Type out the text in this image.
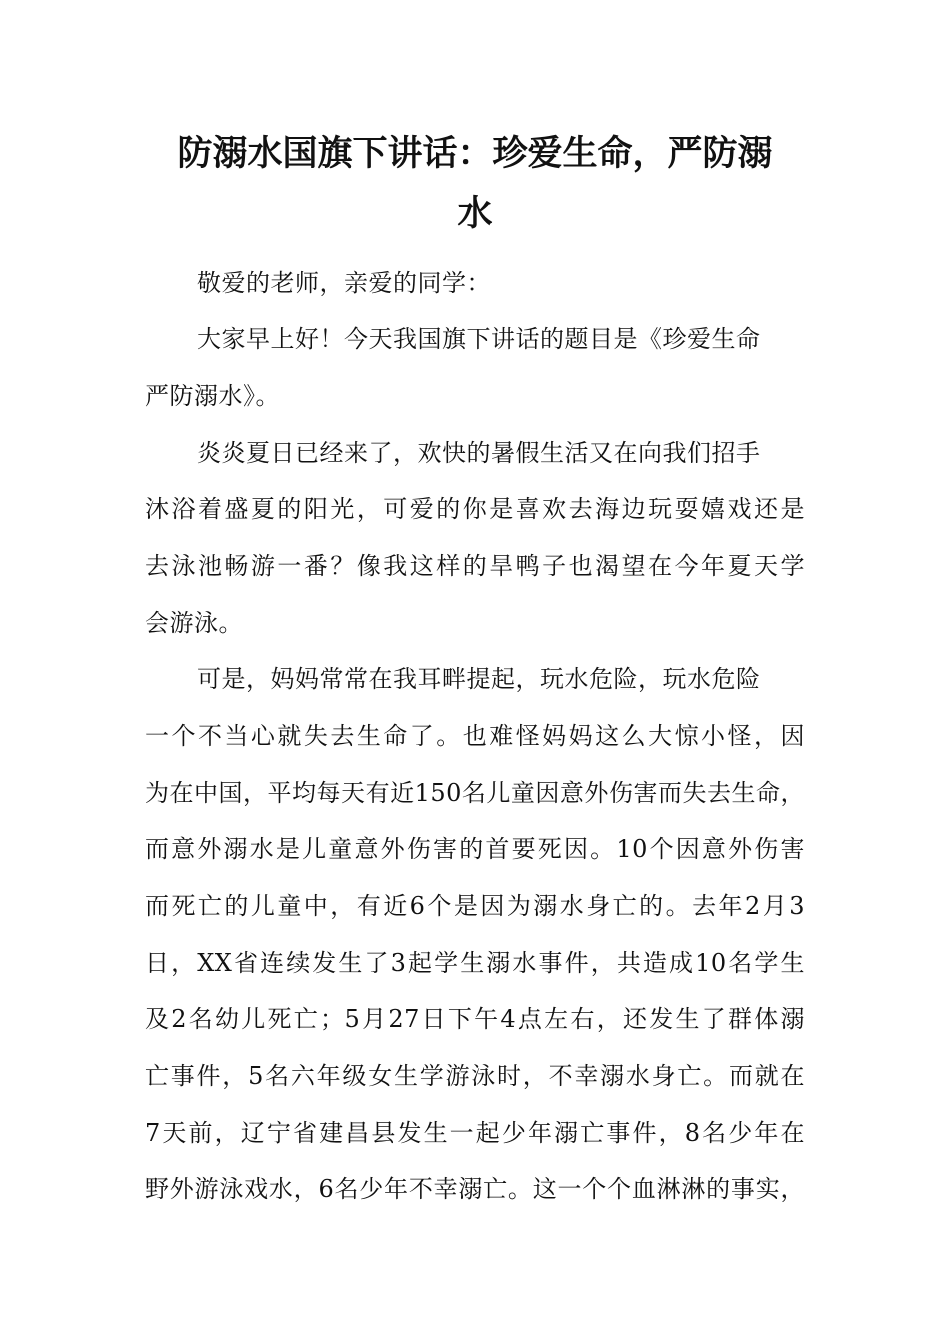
防溺水国旗下讲话：珍爱生命，严防溺
水
敬爱的老师，亲爱的同学：
大家早上好！今天我国旗下讲话的题目是《珍爱生命
严防溺水》。
炎炎夏日已经来了，欢快的暑假生活又在向我们招手
沐浴着盛夏的阳光，可爱的你是喜欢去海边玩耍嬉戏还是
去泳池畅游一番？像我这样的旱鸭子也渴望在今年夏天学
会游泳。
可是，妈妈常常在我耳畔提起，玩水危险，玩水危险
一个不当心就失去生命了。也难怪妈妈这么大惊小怪，因
为在中国，平均每天有近150名儿童因意外伤害而失去生命，
而意外溺水是儿童意外伤害的首要死因。10个因意外伤害
而死亡的儿童中，有近6个是因为溺水身亡的。去年2月3
日，XX省连续发生了3起学生溺水事件，共造成10名学生
及2名幼儿死亡；5月27日下午4点左右，还发生了群体溺
亡事件，5名六年级女生学游泳时，不幸溺水身亡。而就在
7天前，辽宁省建昌县发生一起少年溺亡事件，8名少年在
野外游泳戏水，6名少年不幸溺亡。这一个个血淋淋的事实，
